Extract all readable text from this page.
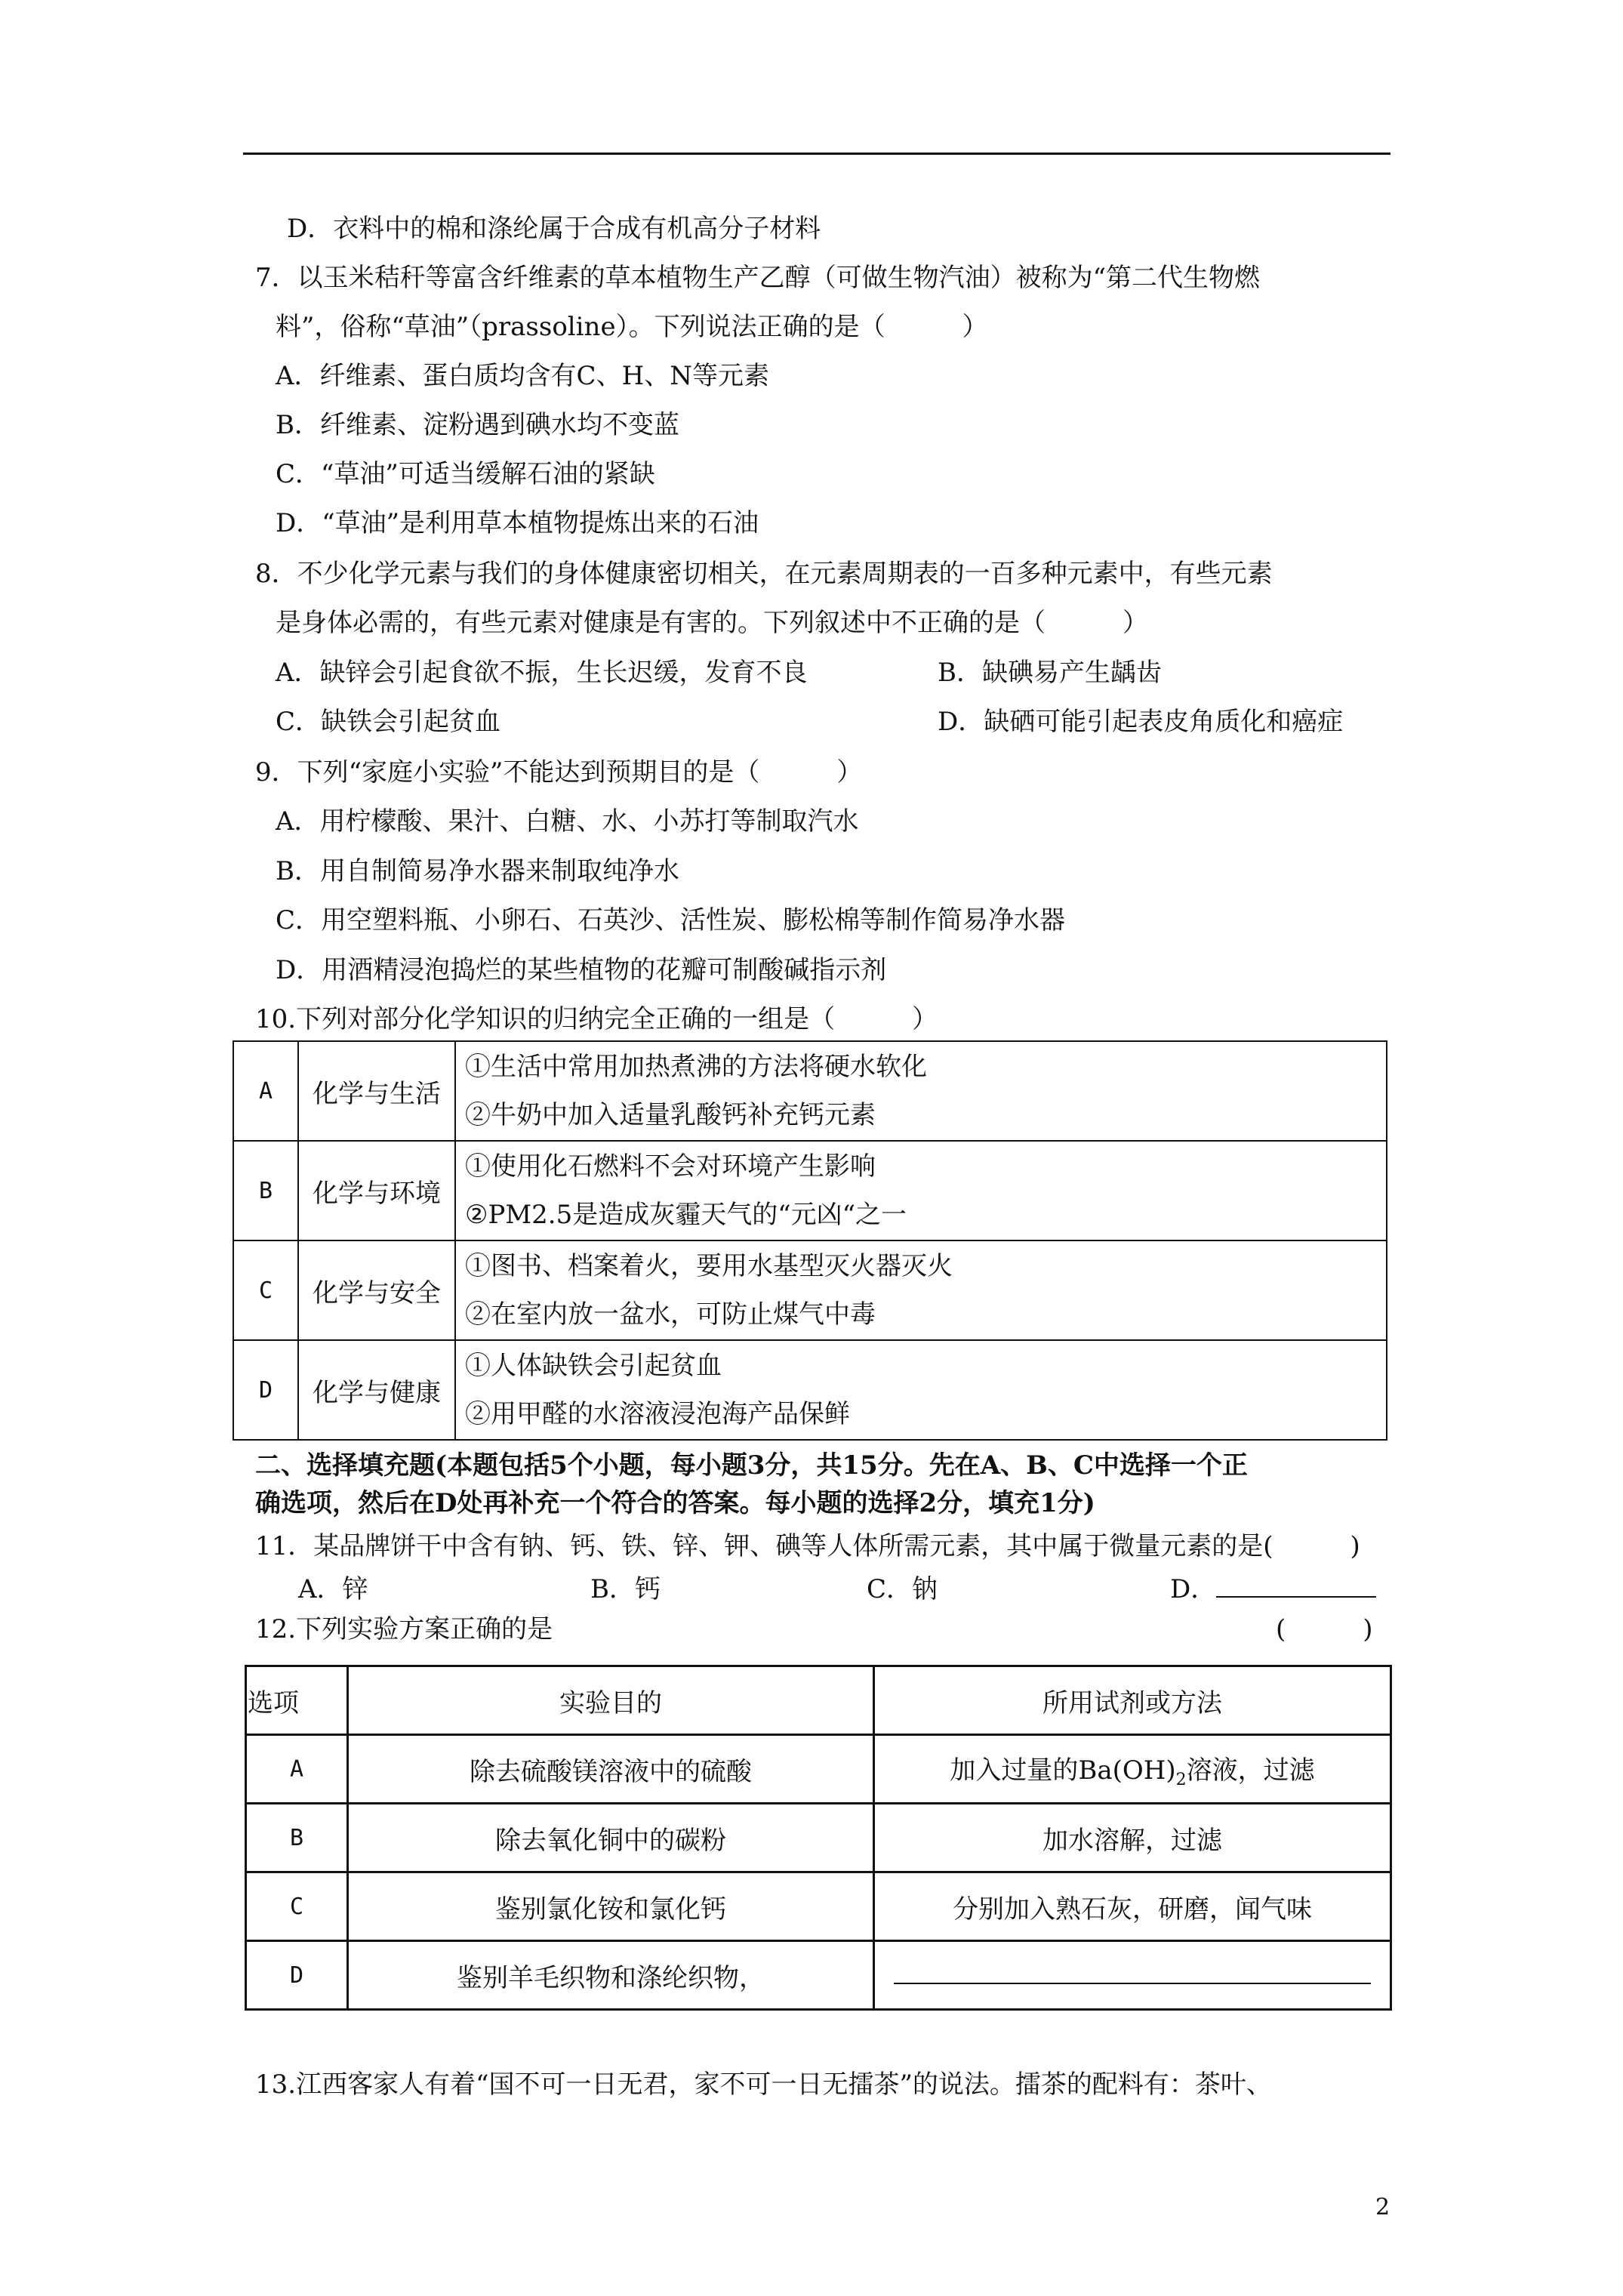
D．衣料中的棉和涤纶属于合成有机高分子材料
7．以玉米秸秆等富含纤维素的草本植物生产乙醇（可做生物汽油）被称为“第二代生物燃
料”，俗称“草油”（prassoline）。下列说法正确的是（　　　）
A．纤维素、蛋白质均含有C、H、N等元素
B．纤维素、淀粉遇到碘水均不变蓝
C．“草油”可适当缓解石油的紧缺
D．“草油”是利用草本植物提炼出来的石油
8．不少化学元素与我们的身体健康密切相关，在元素周期表的一百多种元素中，有些元素
是身体必需的，有些元素对健康是有害的。下列叙述中不正确的是（　　　）
A．缺锌会引起食欲不振，生长迟缓，发育不良	B．缺碘易产生龋齿
C．缺铁会引起贫血	D．缺硒可能引起表皮角质化和癌症
9．下列“家庭小实验”不能达到预期目的是（　　　）
A．用柠檬酸、果汁、白糖、水、小苏打等制取汽水
B．用自制简易净水器来制取纯净水
C．用空塑料瓶、小卵石、石英沙、活性炭、膨松棉等制作简易净水器
D．用酒精浸泡捣烂的某些植物的花瓣可制酸碱指示剂
10.下列对部分化学知识的归纳完全正确的一组是（　　　）
A	化学与生活	①生活中常用加热煮沸的方法将硬水软化
②牛奶中加入适量乳酸钙补充钙元素

B	化学与环境	①使用化石燃料不会对环境产生影响
②PM2.5是造成灰霾天气的“元凶“之一

C	化学与安全	①图书、档案着火，要用水基型灭火器灭火
②在室内放一盆水，可防止煤气中毒

D	化学与健康	①人体缺铁会引起贫血
②用甲醛的水溶液浸泡海产品保鲜
二、选择填充题(本题包括5个小题，每小题3分，共15分。先在A、B、C中选择一个正
确选项，然后在D处再补充一个符合的答案。每小题的选择2分，填充1分)
11．某品牌饼干中含有钠、钙、铁、锌、钾、碘等人体所需元素，其中属于微量元素的是(　　　)
A．锌	B．钙	C．钠	D．
12.下列实验方案正确的是	(　　　)
选项	实验目的	所用试剂或方法
A	除去硫酸镁溶液中的硫酸	加入过量的$Ba(OH)_2$溶液，过滤
B	除去氧化铜中的碳粉	加水溶解，过滤
C	鉴别氯化铵和氯化钙	分别加入熟石灰，研磨，闻气味
D	鉴别羊毛织物和涤纶织物，	
13.江西客家人有着“国不可一日无君，家不可一日无擂茶”的说法。擂茶的配料有：茶叶、
2
